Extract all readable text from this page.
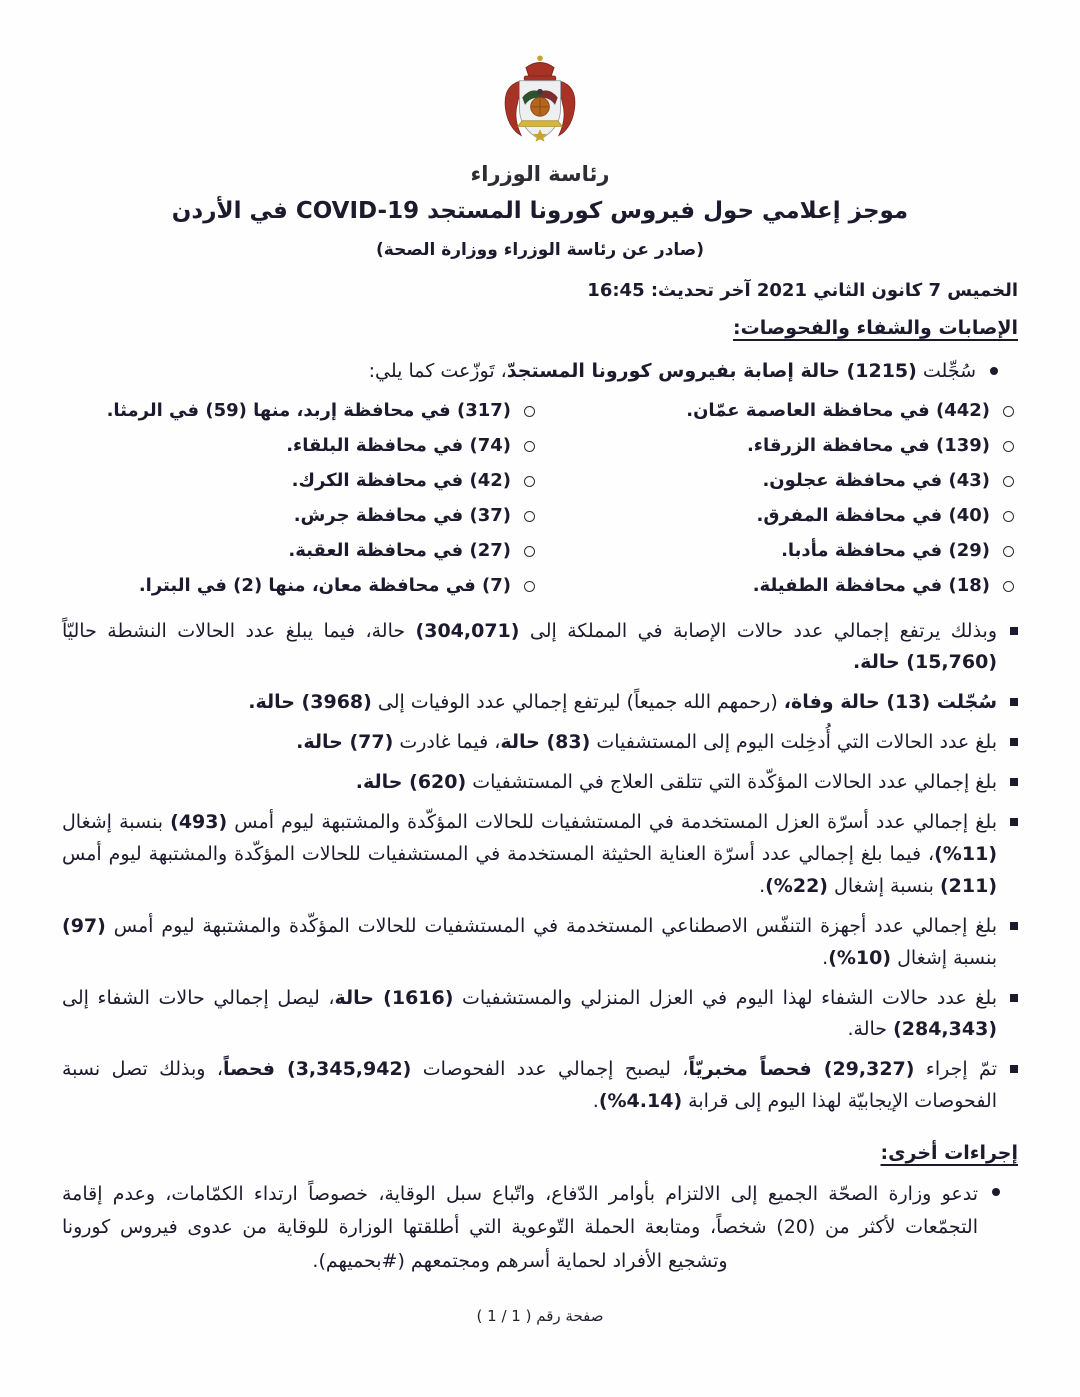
رئاسة الوزراء
موجز إعلامي حول فيروس كورونا المستجد COVID-19 في الأردن
(صادر عن رئاسة الوزراء ووزارة الصحة)
الخميس 7 كانون الثاني 2021 آخر تحديث: 16:45
الإصابات والشفاء والفحوصات:

سُجِّلت (1215) حالة إصابة بفيروس كورونا المستجدّ، تَوزّعت كما يلي:

(442) في محافظة العاصمة عمّان.
(317) في محافظة إربد، منها (59) في الرمثا.
(139) في محافظة الزرقاء.
(74) في محافظة البلقاء.
(43) في محافظة عجلون.
(42) في محافظة الكرك.
(40) في محافظة المفرق.
(37) في محافظة جرش.
(29) في محافظة مأدبا.
(27) في محافظة العقبة.
(18) في محافظة الطفيلة.
(7) في محافظة معان، منها (2) في البترا.

وبذلك يرتفع إجمالي عدد حالات الإصابة في المملكة إلى (304,071) حالة، فيما يبلغ عدد الحالات النشطة حاليّاً (15,760) حالة.

سُجّلت (13) حالة وفاة، (رحمهم الله جميعاً) ليرتفع إجمالي عدد الوفيات إلى (3968) حالة.

بلغ عدد الحالات التي أُدخِلت اليوم إلى المستشفيات (83) حالة، فيما غادرت (77) حالة.

بلغ إجمالي عدد الحالات المؤكّدة التي تتلقى العلاج في المستشفيات (620) حالة.

بلغ إجمالي عدد أسرّة العزل المستخدمة في المستشفيات للحالات المؤكّدة والمشتبهة ليوم أمس (493) بنسبة إشغال (11%)، فيما بلغ إجمالي عدد أسرّة العناية الحثيثة المستخدمة في المستشفيات للحالات المؤكّدة والمشتبهة ليوم أمس (211) بنسبة إشغال (22%).

بلغ إجمالي عدد أجهزة التنفّس الاصطناعي المستخدمة في المستشفيات للحالات المؤكّدة والمشتبهة ليوم أمس (97) بنسبة إشغال (10%).

بلغ عدد حالات الشفاء لهذا اليوم في العزل المنزلي والمستشفيات (1616) حالة، ليصل إجمالي حالات الشفاء إلى (284,343) حالة.

تمّ إجراء (29,327) فحصاً مخبريّاً، ليصبح إجمالي عدد الفحوصات (3,345,942) فحصاً، وبذلك تصل نسبة الفحوصات الإيجابيّة لهذا اليوم إلى قرابة (4.14%).

إجراءات أخرى:

تدعو وزارة الصحّة الجميع إلى الالتزام بأوامر الدّفاع، واتّباع سبل الوقاية، خصوصاً ارتداء الكمّامات، وعدم إقامة التجمّعات لأكثر من (20) شخصاً، ومتابعة الحملة التّوعوية التي أطلقتها الوزارة للوقاية من عدوى فيروس كورونا وتشجيع الأفراد لحماية أسرهم ومجتمعهم (#بحميهم).

صفحة رقم ( 1 / 1 )
